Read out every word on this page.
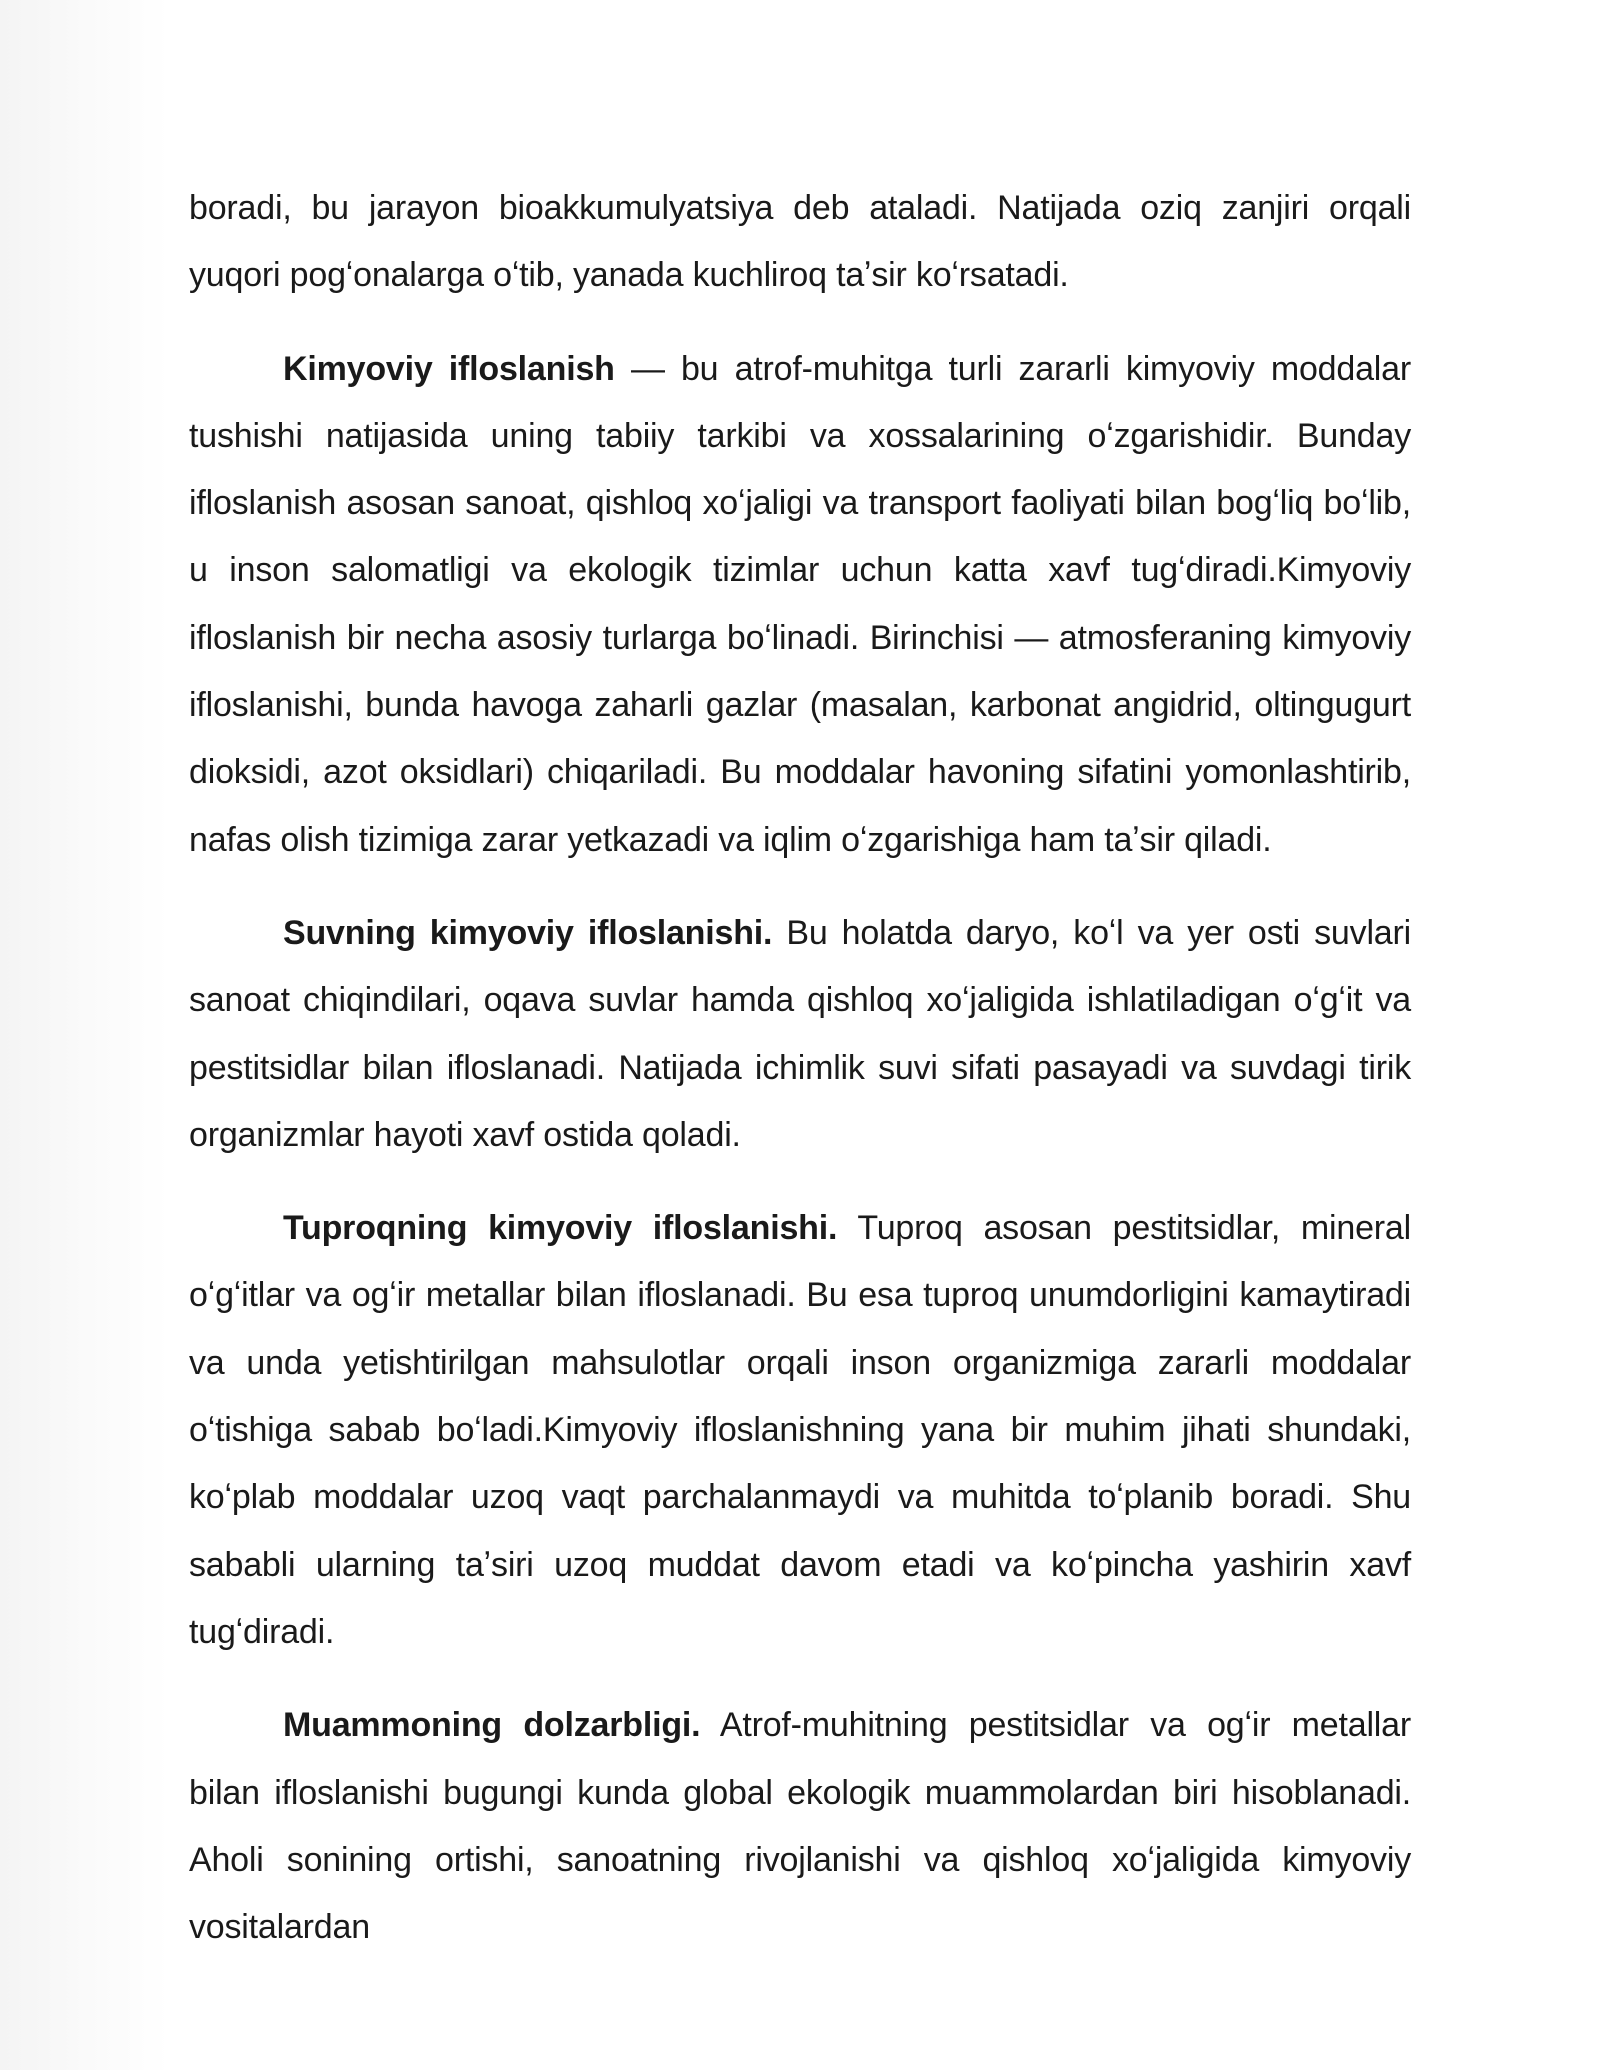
boradi, bu jarayon bioakkumulyatsiya deb ataladi. Natijada oziq zanjiri orqali yuqori pogʻonalarga oʻtib, yanada kuchliroq taʼsir koʻrsatadi.

Kimyoviy ifloslanish — bu atrof-muhitga turli zararli kimyoviy moddalar tushishi natijasida uning tabiiy tarkibi va xossalarining oʻzgarishidir. Bunday ifloslanish asosan sanoat, qishloq xoʻjaligi va transport faoliyati bilan bogʻliq boʻlib, u inson salomatligi va ekologik tizimlar uchun katta xavf tugʻdiradi.Kimyoviy ifloslanish bir necha asosiy turlarga boʻlinadi. Birinchisi — atmosferaning kimyoviy ifloslanishi, bunda havoga zaharli gazlar (masalan, karbonat angidrid, oltingugurt dioksidi, azot oksidlari) chiqariladi. Bu moddalar havoning sifatini yomonlashtirib, nafas olish tizimiga zarar yetkazadi va iqlim oʻzgarishiga ham taʼsir qiladi.

Suvning kimyoviy ifloslanishi. Bu holatda daryo, koʻl va yer osti suvlari sanoat chiqindilari, oqava suvlar hamda qishloq xoʻjaligida ishlatiladigan oʻgʻit va pestitsidlar bilan ifloslanadi. Natijada ichimlik suvi sifati pasayadi va suvdagi tirik organizmlar hayoti xavf ostida qoladi.

Tuproqning kimyoviy ifloslanishi. Tuproq asosan pestitsidlar, mineral oʻgʻitlar va ogʻir metallar bilan ifloslanadi. Bu esa tuproq unumdorligini kamaytiradi va unda yetishtirilgan mahsulotlar orqali inson organizmiga zararli moddalar oʻtishiga sabab boʻladi.Kimyoviy ifloslanishning yana bir muhim jihati shundaki, koʻplab moddalar uzoq vaqt parchalanmaydi va muhitda toʻplanib boradi. Shu sababli ularning taʼsiri uzoq muddat davom etadi va koʻpincha yashirin xavf tugʻdiradi.

Muammoning dolzarbligi. Atrof-muhitning pestitsidlar va ogʻir metallar bilan ifloslanishi bugungi kunda global ekologik muammolardan biri hisoblanadi. Aholi sonining ortishi, sanoatning rivojlanishi va qishloq xoʻjaligida kimyoviy vositalardan
